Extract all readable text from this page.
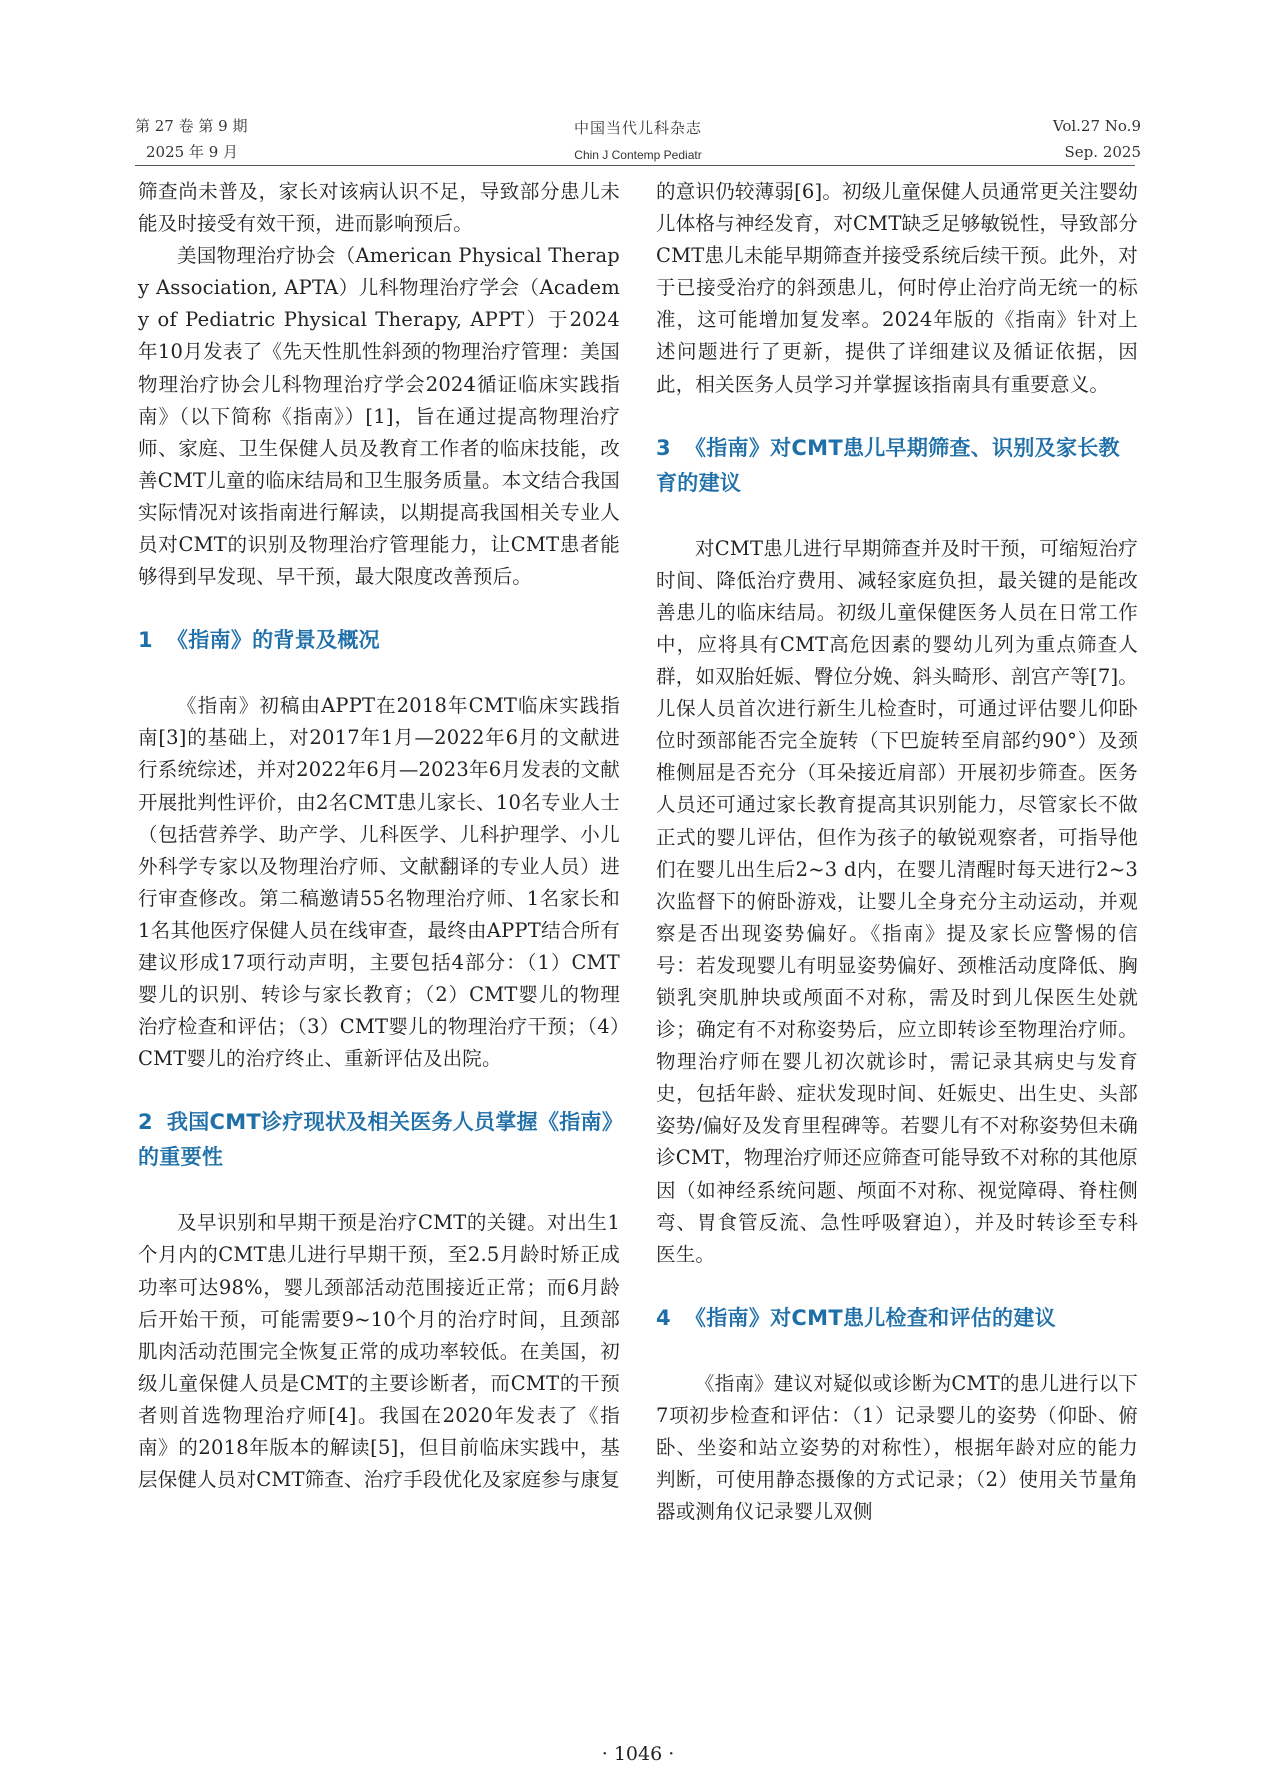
第 27 卷 第 9 期
2025 年 9 月
中国当代儿科杂志
Chin J Contemp Pediatr
Vol.27 No.9
Sep. 2025

筛查尚未普及，家长对该病认识不足，导致部分患儿未能及时接受有效干预，进而影响预后。

美国物理治疗协会（American Physical Therapy Association, APTA）儿科物理治疗学会（Academy of Pediatric Physical Therapy, APPT）于2024年10月发表了《先天性肌性斜颈的物理治疗管理：美国物理治疗协会儿科物理治疗学会2024循证临床实践指南》（以下简称《指南》）[1]，旨在通过提高物理治疗师、家庭、卫生保健人员及教育工作者的临床技能，改善CMT儿童的临床结局和卫生服务质量。本文结合我国实际情况对该指南进行解读，以期提高我国相关专业人员对CMT的识别及物理治疗管理能力，让CMT患者能够得到早发现、早干预，最大限度改善预后。

1 《指南》的背景及概况

《指南》初稿由APPT在2018年CMT临床实践指南[3]的基础上，对2017年1月—2022年6月的文献进行系统综述，并对2022年6月—2023年6月发表的文献开展批判性评价，由2名CMT患儿家长、10名专业人士（包括营养学、助产学、儿科医学、儿科护理学、小儿外科学专家以及物理治疗师、文献翻译的专业人员）进行审查修改。第二稿邀请55名物理治疗师、1名家长和1名其他医疗保健人员在线审查，最终由APPT结合所有建议形成17项行动声明，主要包括4部分：（1）CMT婴儿的识别、转诊与家长教育；（2）CMT婴儿的物理治疗检查和评估；（3）CMT婴儿的物理治疗干预；（4）CMT婴儿的治疗终止、重新评估及出院。

2 我国CMT诊疗现状及相关医务人员掌握《指南》的重要性

及早识别和早期干预是治疗CMT的关键。对出生1个月内的CMT患儿进行早期干预，至2.5月龄时矫正成功率可达98%，婴儿颈部活动范围接近正常；而6月龄后开始干预，可能需要9~10个月的治疗时间，且颈部肌肉活动范围完全恢复正常的成功率较低。在美国，初级儿童保健人员是CMT的主要诊断者，而CMT的干预者则首选物理治疗师[4]。我国在2020年发表了《指南》的2018年版本的解读[5]，但目前临床实践中，基层保健人员对CMT筛查、治疗手段优化及家庭参与康复

的意识仍较薄弱[6]。初级儿童保健人员通常更关注婴幼儿体格与神经发育，对CMT缺乏足够敏锐性，导致部分CMT患儿未能早期筛查并接受系统后续干预。此外，对于已接受治疗的斜颈患儿，何时停止治疗尚无统一的标准，这可能增加复发率。2024年版的《指南》针对上述问题进行了更新，提供了详细建议及循证依据，因此，相关医务人员学习并掌握该指南具有重要意义。

3 《指南》对CMT患儿早期筛查、识别及家长教育的建议

对CMT患儿进行早期筛查并及时干预，可缩短治疗时间、降低治疗费用、减轻家庭负担，最关键的是能改善患儿的临床结局。初级儿童保健医务人员在日常工作中，应将具有CMT高危因素的婴幼儿列为重点筛查人群，如双胎妊娠、臀位分娩、斜头畸形、剖宫产等[7]。儿保人员首次进行新生儿检查时，可通过评估婴儿仰卧位时颈部能否完全旋转（下巴旋转至肩部约90°）及颈椎侧屈是否充分（耳朵接近肩部）开展初步筛查。医务人员还可通过家长教育提高其识别能力，尽管家长不做正式的婴儿评估，但作为孩子的敏锐观察者，可指导他们在婴儿出生后2~3 d内，在婴儿清醒时每天进行2~3次监督下的俯卧游戏，让婴儿全身充分主动运动，并观察是否出现姿势偏好。《指南》提及家长应警惕的信号：若发现婴儿有明显姿势偏好、颈椎活动度降低、胸锁乳突肌肿块或颅面不对称，需及时到儿保医生处就诊；确定有不对称姿势后，应立即转诊至物理治疗师。物理治疗师在婴儿初次就诊时，需记录其病史与发育史，包括年龄、症状发现时间、妊娠史、出生史、头部姿势/偏好及发育里程碑等。若婴儿有不对称姿势但未确诊CMT，物理治疗师还应筛查可能导致不对称的其他原因（如神经系统问题、颅面不对称、视觉障碍、脊柱侧弯、胃食管反流、急性呼吸窘迫），并及时转诊至专科医生。

4 《指南》对CMT患儿检查和评估的建议

《指南》建议对疑似或诊断为CMT的患儿进行以下7项初步检查和评估：（1）记录婴儿的姿势（仰卧、俯卧、坐姿和站立姿势的对称性），根据年龄对应的能力判断，可使用静态摄像的方式记录；（2）使用关节量角器或测角仪记录婴儿双侧

· 1046 ·
